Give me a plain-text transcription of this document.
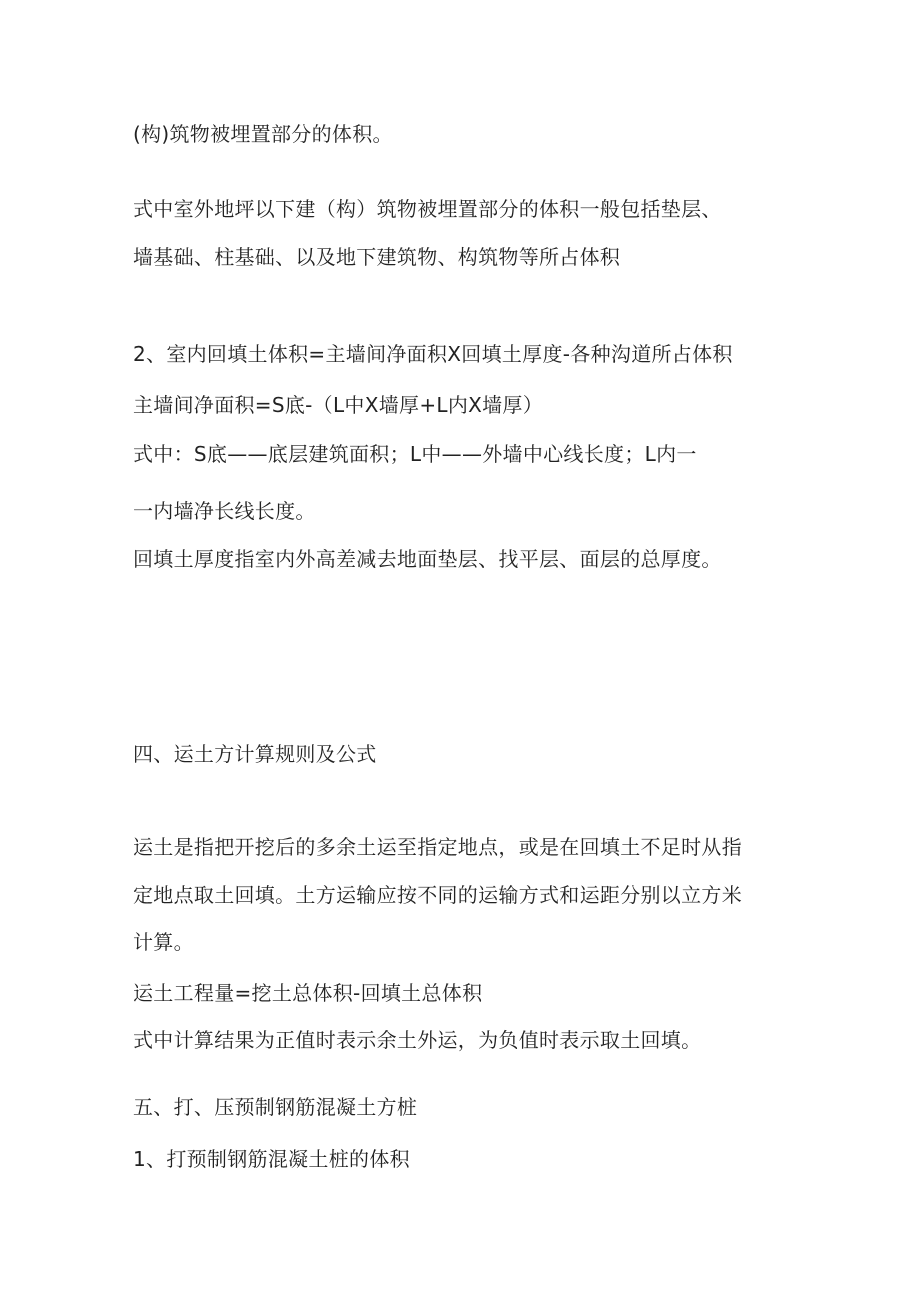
(构)筑物被埋置部分的体积。
式中室外地坪以下建（构）筑物被埋置部分的体积一般包括垫层、
墙基础、柱基础、以及地下建筑物、构筑物等所占体积
2、室内回填土体积=主墙间净面积X回填土厚度-各种沟道所占体积
主墙间净面积=S底-（L中X墙厚+L内X墙厚）
式中：S底——底层建筑面积；L中——外墙中心线长度；L内一
一内墙净长线长度。
回填土厚度指室内外高差减去地面垫层、找平层、面层的总厚度。
四、运土方计算规则及公式
运土是指把开挖后的多余土运至指定地点，或是在回填土不足时从指
定地点取土回填。土方运输应按不同的运输方式和运距分别以立方米
计算。
运土工程量=挖土总体积-回填土总体积
式中计算结果为正值时表示余土外运，为负值时表示取土回填。
五、打、压预制钢筋混凝土方桩
1、打预制钢筋混凝土桩的体积
